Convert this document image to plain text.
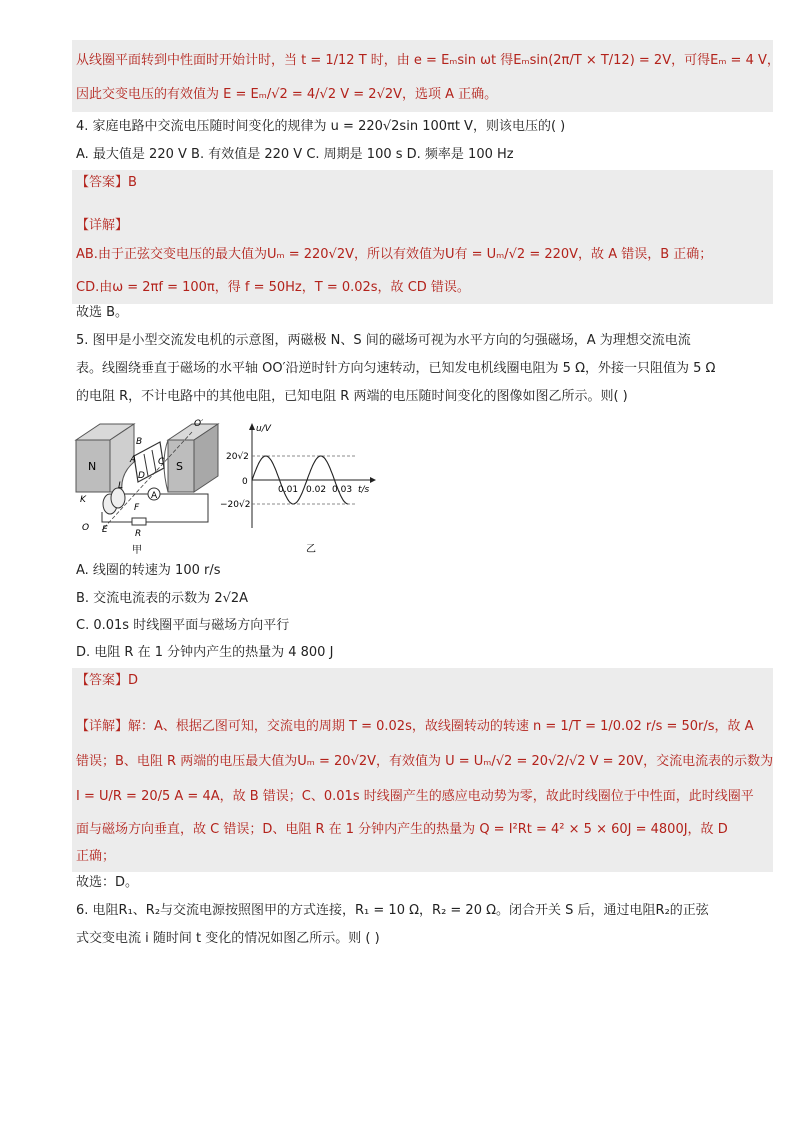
从线圈平面转到中性面时开始计时，当 t = 1/12 T 时，由 e = Eₘsin ωt 得Eₘsin(2π/T × T/12) = 2V，可得Eₘ = 4 V，
因此交变电压的有效值为 E = Eₘ/√2 = 4/√2 V = 2√2V，选项 A 正确。
4. 家庭电路中交流电压随时间变化的规律为 u = 220√2sin 100πt V，则该电压的( )
A. 最大值是 220 V B. 有效值是 220 V C. 周期是 100 s D. 频率是 100 Hz
【答案】B
【详解】
AB.由于正弦交变电压的最大值为Uₘ = 220√2V，所以有效值为U有 = Uₘ/√2 = 220V，故 A 错误，B 正确；
CD.由ω = 2πf = 100π，得 f = 50Hz，T = 0.02s，故 CD 错误。
故选 B。
5. 图甲是小型交流发电机的示意图，两磁极 N、S 间的磁场可视为水平方向的匀强磁场，A 为理想交流电流
表。线圈绕垂直于磁场的水平轴 OO′沿逆时针方向匀速转动，已知发电机线圈电阻为 5 Ω，外接一只阻值为 5 Ω
的电阻 R，不计电路中的其他电阻，已知电阻 R 两端的电压随时间变化的图像如图乙所示。则( )
A
N	S
O′
B
C
A
D
L
K
F
E
O
R
甲
u/V
20√2
−20√2
0
0.01 0.02 0.03 t/s
乙
A. 线圈的转速为 100 r/s
B. 交流电流表的示数为 2√2A
C. 0.01s 时线圈平面与磁场方向平行
D. 电阻 R 在 1 分钟内产生的热量为 4 800 J
【答案】D
【详解】解：A、根据乙图可知，交流电的周期 T = 0.02s，故线圈转动的转速 n = 1/T = 1/0.02 r/s = 50r/s，故 A
错误；B、电阻 R 两端的电压最大值为Uₘ = 20√2V，有效值为 U = Uₘ/√2 = 20√2/√2 V = 20V，交流电流表的示数为
I = U/R = 20/5 A = 4A，故 B 错误；C、0.01s 时线圈产生的感应电动势为零，故此时线圈位于中性面，此时线圈平
面与磁场方向垂直，故 C 错误；D、电阻 R 在 1 分钟内产生的热量为 Q = I²Rt = 4² × 5 × 60J = 4800J，故 D
正确；
故选：D。
6. 电阻R₁、R₂与交流电源按照图甲的方式连接，R₁ = 10 Ω，R₂ = 20 Ω。闭合开关 S 后，通过电阻R₂的正弦
式交变电流 i 随时间 t 变化的情况如图乙所示。则 ( )
